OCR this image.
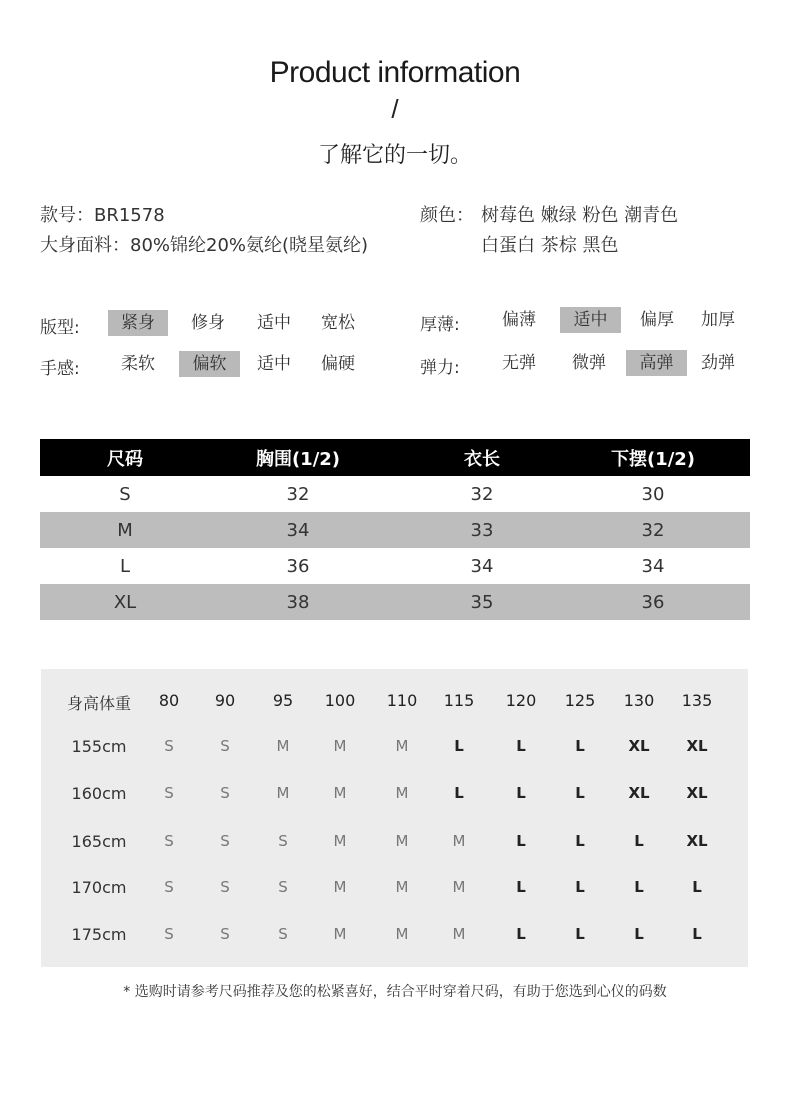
Product information
/
了解它的一切。
款号：BR1578
大身面料：80%锦纶20%氨纶(晓星氨纶)
颜色： 树莓色 嫩绿 粉色 潮青色
白蛋白 茶棕 黑色
版型:	紧身	修身	适中	宽松	厚薄:	偏薄	适中	偏厚	加厚
手感:	柔软	偏软	适中	偏硬	弹力:	无弹	微弹	高弹	劲弹
尺码	胸围(1/2)	衣长	下摆(1/2)
S	32	32	30
M	34	33	32
L	36	34	34
XL	38	35	36
身高体重	80	90	95	100	110	115	120	125	130	135
155cm	S	S	M	M	M	L	L	L	XL	XL
160cm	S	S	M	M	M	L	L	L	XL	XL
165cm	S	S	S	M	M	M	L	L	L	XL
170cm	S	S	S	M	M	M	L	L	L	L
175cm	S	S	S	M	M	M	L	L	L	L
* 选购时请参考尺码推荐及您的松紧喜好，结合平时穿着尺码，有助于您选到心仪的码数
